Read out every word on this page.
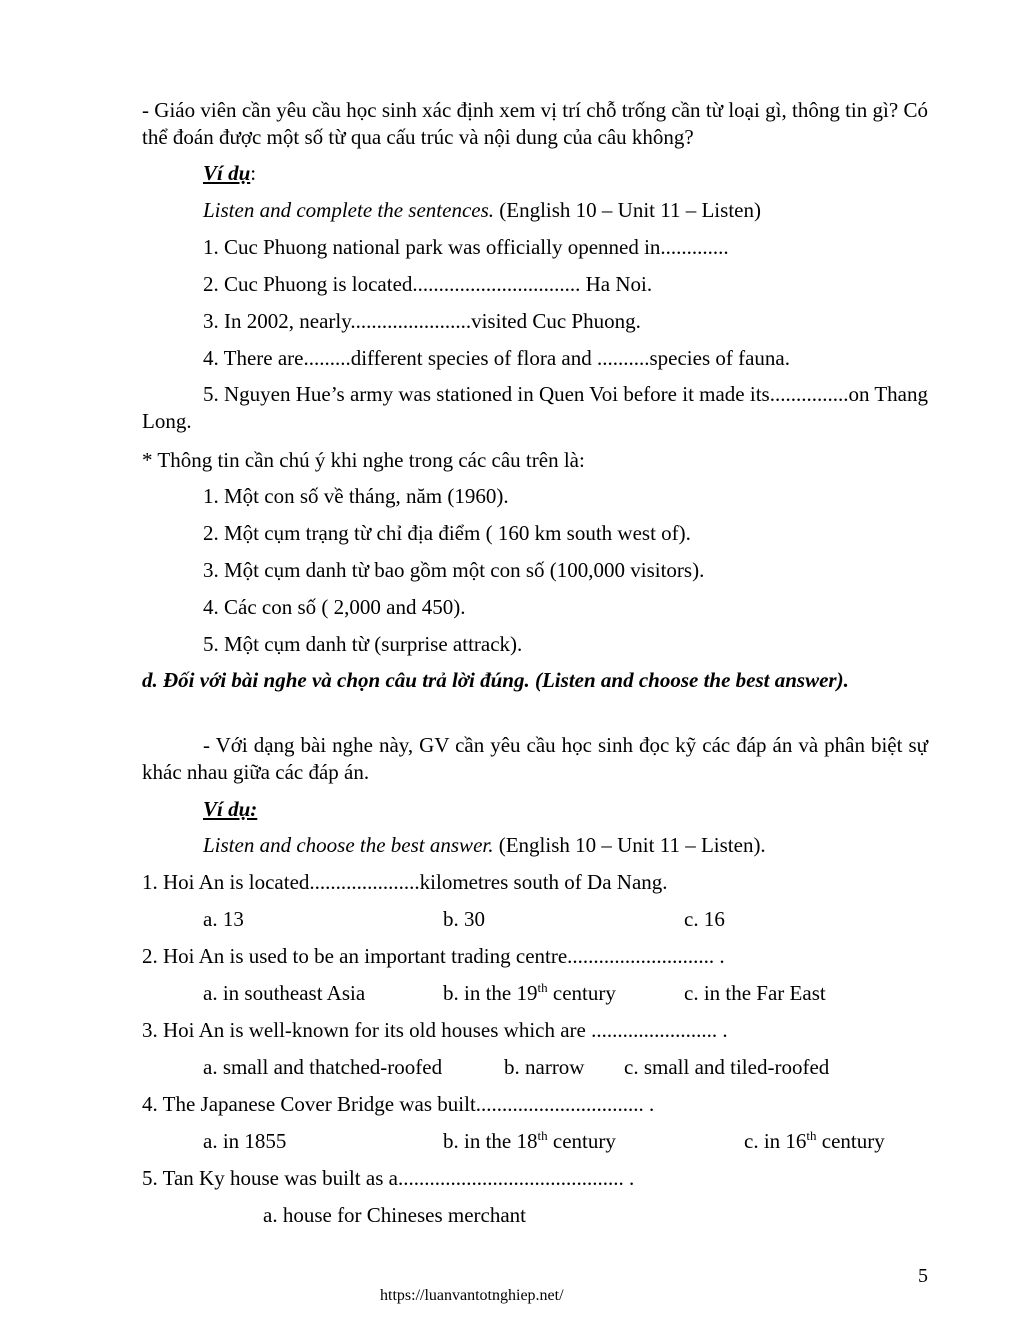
- Giáo viên cần yêu cầu học sinh xác định xem vị trí chỗ trống cần từ loại gì, thông tin gì? Có thể đoán được một số từ qua cấu trúc và nội dung của câu không?

Ví dụ:
Listen and complete the sentences. (English 10 – Unit 11 – Listen)
1. Cuc Phuong national park was officially openned in.............
2. Cuc Phuong is located................................ Ha Noi.
3. In 2002, nearly.......................visited Cuc Phuong.
4. There are.........different species of flora and ..........species of fauna.

5. Nguyen Hue’s army was stationed in Quen Voi before it made its...............on Thang Long.

* Thông tin cần chú ý khi nghe trong các câu trên là:
1. Một con số về tháng, năm (1960).
2. Một cụm trạng từ chỉ địa điểm ( 160 km south west of).
3. Một cụm danh từ bao gồm một con số (100,000 visitors).
4. Các con số ( 2,000 and 450).
5. Một cụm danh từ (surprise attrack).

d. Đối với bài nghe và chọn câu trả lời đúng. (Listen and choose the best answer).

- Với dạng bài nghe này, GV cần yêu cầu học sinh đọc kỹ các đáp án và phân biệt sự khác nhau giữa các đáp án.

Ví dụ:
Listen and choose the best answer. (English 10 – Unit 11 – Listen).
1. Hoi An is located.....................kilometres south of Da Nang.
a. 13	b. 30	c. 16
2. Hoi An is used to be an important trading centre............................ .
a. in southeast Asia	b. in the 19th century	c. in the Far East
3. Hoi An is well-known for its old houses which are ........................ .
a. small and thatched-roofed	b. narrow c. small and tiled-roofed
4. The Japanese Cover Bridge was built................................ .
a. in 1855	b. in the 18th century	c. in 16th century
5. Tan Ky house was built as a........................................... .
a. house for Chineses merchant
5
https://luanvantotnghiep.net/
